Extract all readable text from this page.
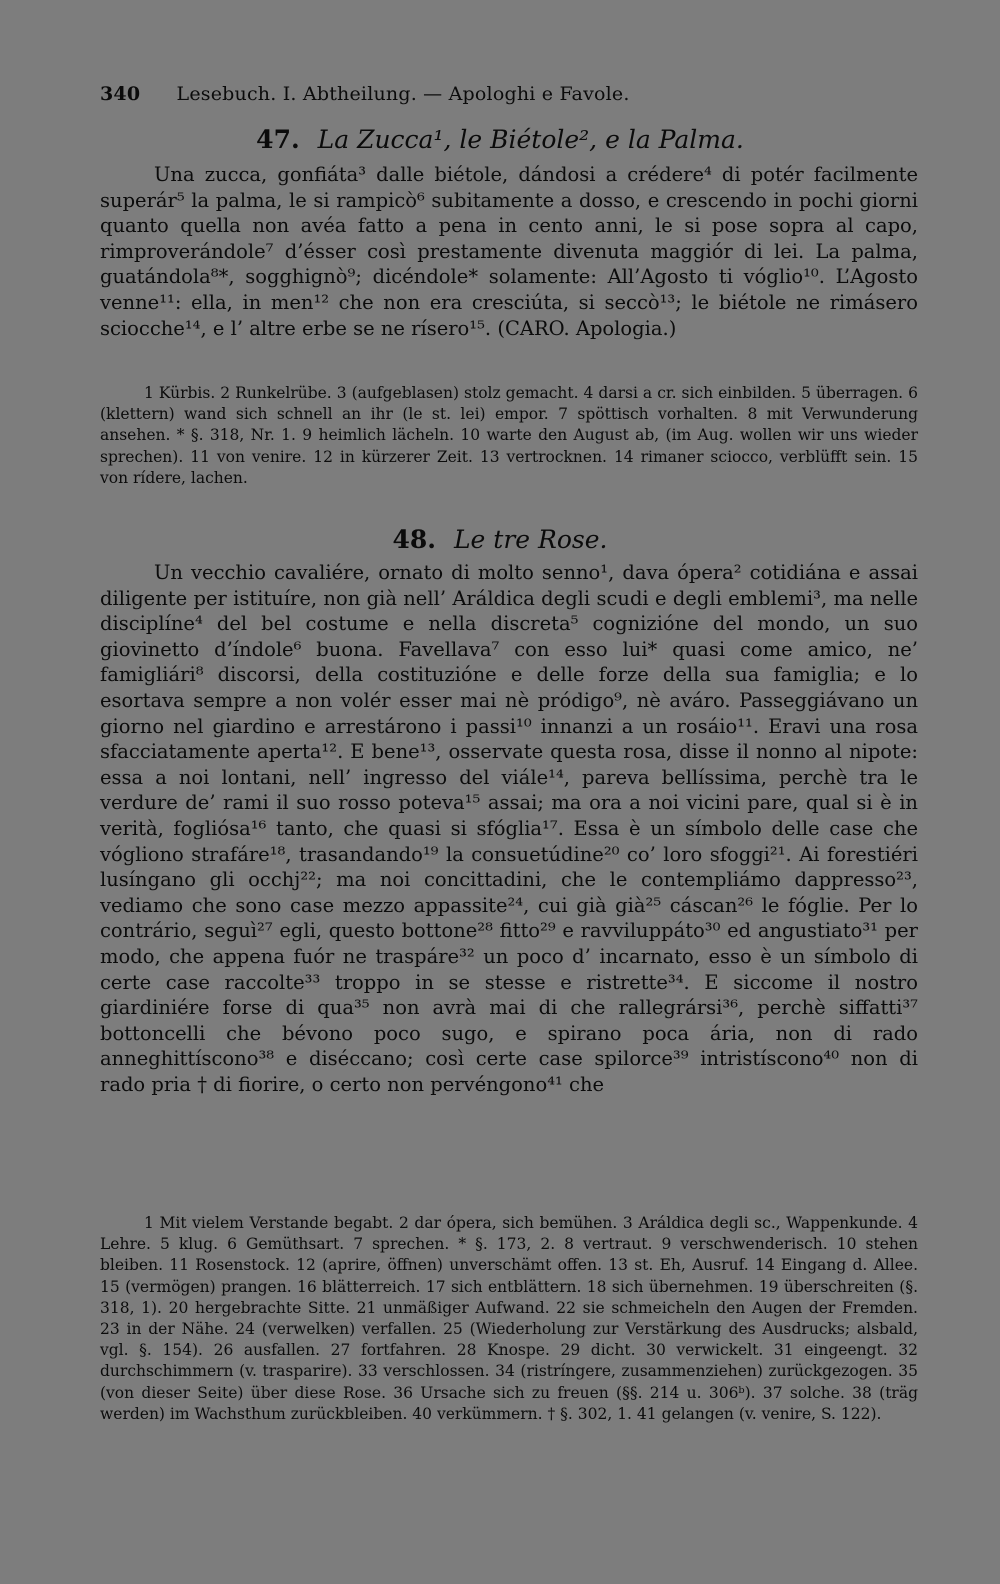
340 Lesebuch. I. Abtheilung. — Apologhi e Favole.
47. La Zucca¹, le Biétole², e la Palma.

Una zucca, gonfiáta³ dalle biétole, dándosi a crédere⁴ di potér facilmente superár⁵ la palma, le si rampicò⁶ subitamente a dosso, e crescendo in pochi giorni quanto quella non avéa fatto a pena in cento anni, le si pose sopra al capo, rimproverándole⁷ d’ésser così prestamente divenuta maggiór di lei. La palma, guatándola⁸*, sogghignò⁹; dicéndole* solamente: All’Agosto ti vóglio¹⁰. L’Agosto venne¹¹: ella, in men¹² che non era cresciúta, si seccò¹³; le biétole ne rimásero sciocche¹⁴, e l’ altre erbe se ne rísero¹⁵. (CARO. Apologia.)

1 Kürbis. 2 Runkelrübe. 3 (aufgeblasen) stolz gemacht. 4 darsi a cr. sich einbilden. 5 überragen. 6 (klettern) wand sich schnell an ihr (le st. lei) empor. 7 spöttisch vorhalten. 8 mit Verwunderung ansehen. * §. 318, Nr. 1. 9 heimlich lächeln. 10 warte den August ab, (im Aug. wollen wir uns wieder sprechen). 11 von venire. 12 in kürzerer Zeit. 13 vertrocknen. 14 rimaner sciocco, verblüfft sein. 15 von rídere, lachen.

48. Le tre Rose.

Un vecchio cavaliére, ornato di molto senno¹, dava ópera² cotidiána e assai diligente per istituíre, non già nell’ Aráldica degli scudi e degli emblemi³, ma nelle disciplíne⁴ del bel costume e nella discreta⁵ cognizióne del mondo, un suo giovinetto d’índole⁶ buona. Favellava⁷ con esso lui* quasi come amico, ne’ famigliári⁸ discorsi, della costituzióne e delle forze della sua famiglia; e lo esortava sempre a non volér esser mai nè pródigo⁹, nè aváro. Passeggiávano un giorno nel giardino e arrestárono i passi¹⁰ innanzi a un rosáio¹¹. Eravi una rosa sfacciatamente aperta¹². E bene¹³, osservate questa rosa, disse il nonno al nipote: essa a noi lontani, nell’ ingresso del viále¹⁴, pareva bellíssima, perchè tra le verdure de’ rami il suo rosso poteva¹⁵ assai; ma ora a noi vicini pare, qual si è in verità, fogliósa¹⁶ tanto, che quasi si sfóglia¹⁷. Essa è un símbolo delle case che vógliono strafáre¹⁸, trasandando¹⁹ la consuetúdine²⁰ co’ loro sfoggi²¹. Ai forestiéri lusíngano gli occhj²²; ma noi concittadini, che le contempliámo dappresso²³, vediamo che sono case mezzo appassite²⁴, cui già già²⁵ cáscan²⁶ le fóglie. Per lo contrário, seguì²⁷ egli, questo bottone²⁸ fitto²⁹ e ravviluppáto³⁰ ed angustiato³¹ per modo, che appena fuór ne traspáre³² un poco d’ incarnato, esso è un símbolo di certe case raccolte³³ troppo in se stesse e ristrette³⁴. E siccome il nostro giardiniére forse di qua³⁵ non avrà mai di che rallegrársi³⁶, perchè siffatti³⁷ bottoncelli che bévono poco sugo, e spirano poca ária, non di rado anneghittíscono³⁸ e diséccano; così certe case spilorce³⁹ intristíscono⁴⁰ non di rado pria † di fiorire, o certo non pervéngono⁴¹ che

1 Mit vielem Verstande begabt. 2 dar ópera, sich bemühen. 3 Aráldica degli sc., Wappenkunde. 4 Lehre. 5 klug. 6 Gemüthsart. 7 sprechen. * §. 173, 2. 8 vertraut. 9 verschwenderisch. 10 stehen bleiben. 11 Rosenstock. 12 (aprire, öffnen) unverschämt offen. 13 st. Eh, Ausruf. 14 Eingang d. Allee. 15 (vermögen) prangen. 16 blätterreich. 17 sich entblättern. 18 sich übernehmen. 19 überschreiten (§. 318, 1). 20 hergebrachte Sitte. 21 unmäßiger Aufwand. 22 sie schmeicheln den Augen der Fremden. 23 in der Nähe. 24 (verwelken) verfallen. 25 (Wiederholung zur Verstärkung des Ausdrucks; alsbald, vgl. §. 154). 26 ausfallen. 27 fortfahren. 28 Knospe. 29 dicht. 30 verwickelt. 31 eingeengt. 32 durchschimmern (v. trasparire). 33 verschlossen. 34 (ristríngere, zusammenziehen) zurückgezogen. 35 (von dieser Seite) über diese Rose. 36 Ursache sich zu freuen (§§. 214 u. 306ᵇ). 37 solche. 38 (träg werden) im Wachsthum zurückbleiben. 40 verkümmern. † §. 302, 1. 41 gelangen (v. venire, S. 122).
